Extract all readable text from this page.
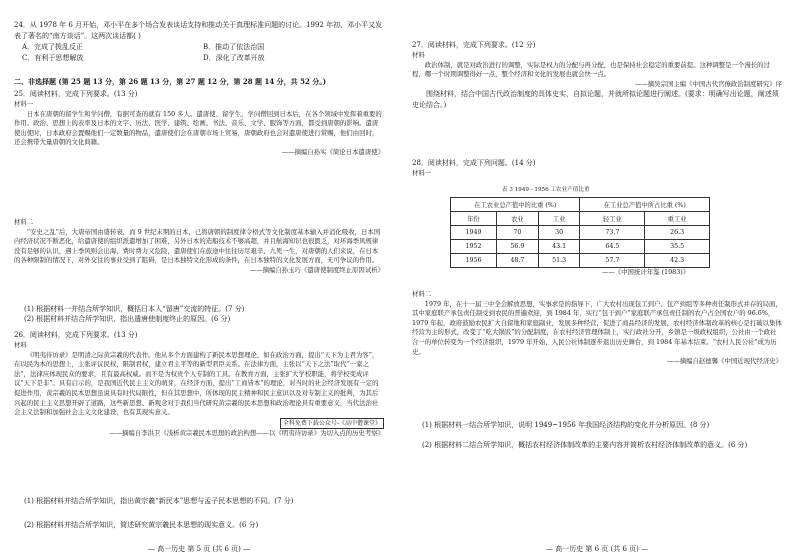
24．从 1978 年 6 月开始，邓小平在多个场合发表谈话支持和推动关于真理标准问题的讨论。1992 年初，邓小平又发表了著名的“南方谈话”。这两次谈话都( )

A．完成了拨乱反正	B．推动了依法治国
C．有利于思想解放	D．深化了改革开放

二、非选择题 (第 25 题 13 分，第 26 题 13 分，第 27 题 12 分，第 28 题 14 分，共 52 分。)

25．阅读材料，完成下列要求。(13 分)

材料一

日本在唐朝的留学生和学问僧，有据可查的就有 150 多人。遣唐使、留学生，学问僧回到日本后，在各个领域中发挥着重要的作用。政治、思想上的表率及日本的文字、历法、医学、建筑、绘画、书法、音乐、文学、服饰等方面，都受到唐朝的影响。遣唐使出使时，日本政府会置赐他们一定数量的物品，遣唐使们会在唐朝市场上贸易，唐朝政府也会对遣唐使进行赏赐，他们由回时，还会携带大量唐朝的文化典籍。

——摘编自孙实《简论日本遣唐使》

材料二

“安史之乱”后，大唐帝国由盛转衰，而 9 世纪末期的日本，已将唐朝的制度律令格式等文化制度基本输入并消化吸收，日本国内经济状况不断恶化，给遣唐使的组织派遣增加了困难，另外日本的造船技术不够高超，并且航海知识也很匮乏，对环海季风规律没有足够的认识，遇上季风则会出海，费时费力又危险，遣唐使们在旅途中往往历尽艰辛、九死一生，对唐朝的人们来说，在日本的各种限制的情况下，对外交往的事业受到了阻碍，是日本独特文化形成的条件，在日本独特的文化发展方面，无可争议的作用。

——摘编自孙玉巧《遣唐使制度终止原因试析》

(1) 根据材料一并结合所学知识，概括日本人“留唐”交流的特征。(7 分)

(2) 根据材料并结合所学知识，指出遣唐使制度终止的原因。(6 分)

26．阅读材料，完成下列要求。(13 分)

材料

《明夷待访录》是明清之际黄宗羲的代表作。他从多个方面建构了新民本思想理论，如在政治方面，提出“天下为主君为客”，在以民为本的思想上，主张评议民权，限制君权，建立君主平等的新型君臣关系。在法律方面，主张以“天下之法”取代“一家之法”，法律应体现民众的要求，且有最高权威。而不是为权贵个人专制的工具。在教育方面，主张扩大学校职能，将学校变成评议“天下是非”。具有启示的，是我国近代民主主义的萌芽，在经济方面，提出“工商皆本”的理论，对当时的社会经济发展有一定的促进作用，黄宗羲的民本思想虽说具有时代局限性，但在其思想中，所体现的民主精神和民主意识以及对专制主义的批判，为其后兴起的民主主义思想开辟了道路，这些新思想、新观念对于我们当代研究黄宗羲的民本思想和政治理论具有重要意义，当代法治社会主义法制和加强社会主义文化建设，也有其现实意义。

全科免费下载公众号-《高中僧课堂》

——摘编自李洪卫《浅析黄宗羲民本思想的政治构想——以《明夷待访录》为切入点的历史考察》

(1) 根据材料并结合所学知识，指出黄宗羲“新民本”思想与孟子民本思想的不同。(7 分)

(2) 根据材料并结合所学知识，简述研究黄宗羲民本思想的现实意义。(6 分)

— 高一历史 第 5 页 (共 6 页) —

27．阅读材料，完成下列要求。(12 分)

材料

政治体制，就是对政治进行的调整，实际是权力的分配与再分配，也是保持社会稳定的重要前提。这种调整是一个漫长的过程，哪一个时期调整得好一点，整个经济和文化的发展也就会快一点。

——摘吴宗国主编《中国古代官僚政治制度研究》序

围绕材料，结合中国古代政治制度的具体史实，自拟论题，并就所拟论题进行阐述。(要求：明确写出论题，阐述须史论结合。)

28．阅读材料，完成下列问题。(14 分)

材料一

表 3 1949 - 1956 工农业产值比重

在工农业总产值中的比重 (%)			在工业总产值中所占比重 (%)	
年份	农业	工业	轻工业	重工业
1949	70	30	73.7	26.3
1952	56.9	43.1	64.5	35.5
1956	48.7	51.3	57.7	42.3

——《中国统计年鉴 (1983)》

材料二

1979 年，在十一届三中全会解放思想，实事求是的指导下，广大农村出现包工到户、包产到组等多种责任制形式并存的局面，其中家庭联产承包责任制受到农民的普遍欢迎，到 1984 年，实行“包干到户”家庭联产承包责任制的农户占全国农户的 96.6%，1979 年起，政府鼓励农民扩大自留地和家庭副业，发展多种经营，促进了商品经济的发展，农村经济体制改革的核心是打破以集体经营为主的形式，改变了“吃大锅饭”的分配制度，在农村经济管理体制上，实行政社分开，乡镇是一级政权组织，公社由一个政社合一的单位转变为一个经济组织，1979 年开始，人民公社体制逐步退出历史舞台，到 1984 年基本结束。“农村人民公社”成为历史。

——摘编自赵德馨《中国近现代经济史》

(1) 根据材料一结合所学知识，说明 1949~1956 年我国经济结构的变化并分析原因。(8 分)

(2) 根据材料二结合所学知识，概括农村经济体制改革的主要内容并简析农村经济体制改革的意义。(6 分)

— 高一历史 第 6 页 (共 6 页) —
